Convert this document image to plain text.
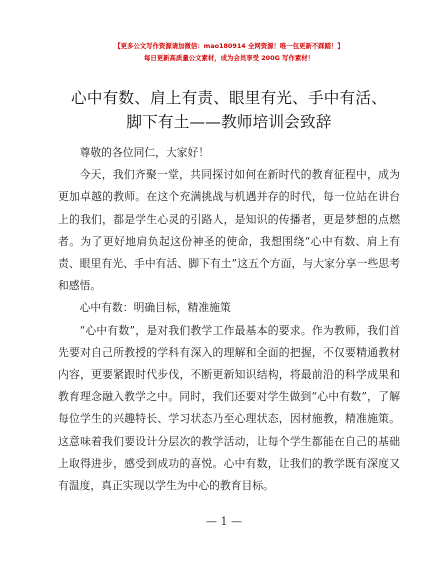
【更多公文写作资源请加微信：mao180914 全网资源！唯一包更新不踩踏！】
每日更新高质量公文素材，成为会员享受 200G 写作素材！
心中有数、肩上有责、眼里有光、手中有活、
脚下有土——教师培训会致辞

尊敬的各位同仁，大家好！

今天，我们齐聚一堂，共同探讨如何在新时代的教育征程中，成为更加卓越的教师。在这个充满挑战与机遇并存的时代，每一位站在讲台上的我们，都是学生心灵的引路人，是知识的传播者，更是梦想的点燃者。为了更好地肩负起这份神圣的使命，我想围绕“心中有数、肩上有责、眼里有光、手中有活、脚下有土”这五个方面，与大家分享一些思考和感悟。

心中有数：明确目标，精准施策

“心中有数”，是对我们教学工作最基本的要求。作为教师，我们首先要对自己所教授的学科有深入的理解和全面的把握，不仅要精通教材内容，更要紧跟时代步伐，不断更新知识结构，将最前沿的科学成果和教育理念融入教学之中。同时，我们还要对学生做到“心中有数”，了解每位学生的兴趣特长、学习状态乃至心理状态，因材施教，精准施策。这意味着我们要设计分层次的教学活动，让每个学生都能在自己的基础上取得进步，感受到成功的喜悦。心中有数，让我们的教学既有深度又有温度，真正实现以学生为中心的教育目标。

— 1 —
